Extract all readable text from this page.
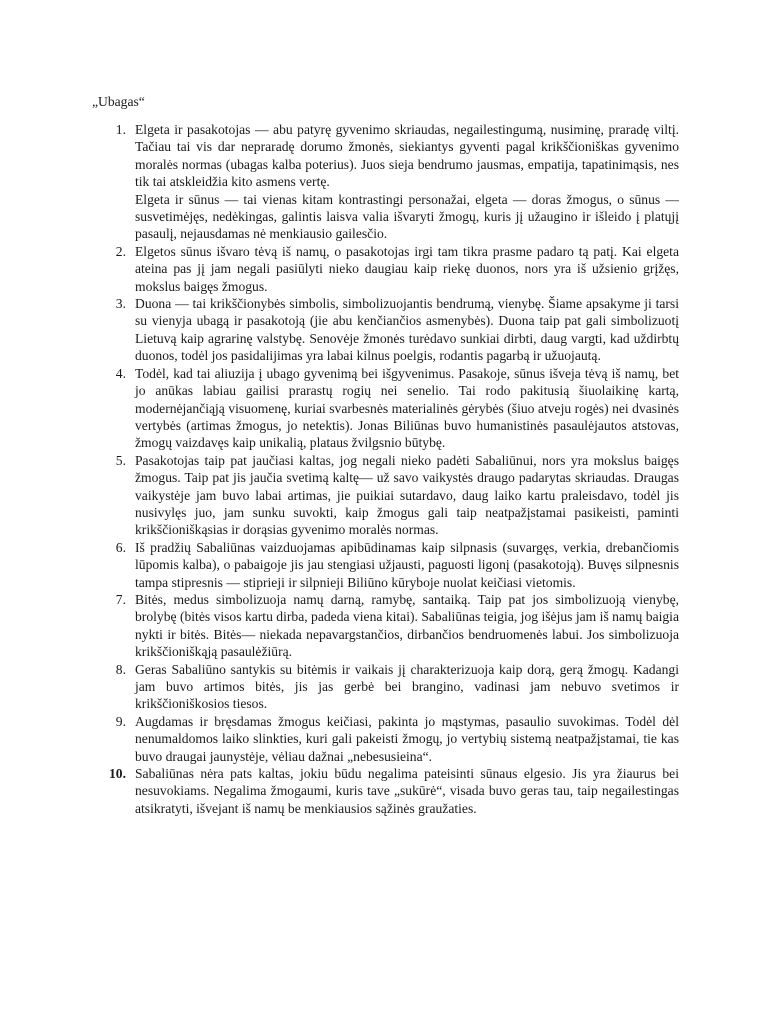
„Ubagas“
1. Elgeta ir pasakotojas — abu patyrę gyvenimo skriaudas, negailestingumą, nusiminę, praradę viltį. Tačiau tai vis dar nepraradę dorumo žmonės, siekiantys gyventi pagal krikščioniškas gyvenimo moralės normas (ubagas kalba poterius). Juos sieja bendrumo jausmas, empatija, tapatinimąsis, nes tik tai atskleidžia kito asmens vertę.

Elgeta ir sūnus — tai vienas kitam kontrastingi personažai, elgeta — doras žmogus, o sūnus — susvetimėjęs, nedėkingas, galintis laisva valia išvaryti žmogų, kuris jį užaugino ir išleido į platųjį pasaulį, nejausdamas nė menkiausio gailesčio.

2. Elgetos sūnus išvaro tėvą iš namų, o pasakotojas irgi tam tikra prasme padaro tą patį. Kai elgeta ateina pas jį jam negali pasiūlyti nieko daugiau kaip riekę duonos, nors yra iš užsienio grįžęs, mokslus baigęs žmogus.

3. Duona — tai krikščionybės simbolis, simbolizuojantis bendrumą, vienybę. Šiame apsakyme ji tarsi su vienyja ubagą ir pasakotoją (jie abu kenčiančios asmenybės). Duona taip pat gali simbolizuotį Lietuvą kaip agrarinę valstybę. Senovėje žmonės turėdavo sunkiai dirbti, daug vargti, kad uždirbtų duonos, todėl jos pasidalijimas yra labai kilnus poelgis, rodantis pagarbą ir užuojautą.

4. Todėl, kad tai aliuzija į ubago gyvenimą bei išgyvenimus. Pasakoje, sūnus išveja tėvą iš namų, bet jo anūkas labiau gailisi prarastų rogių nei senelio. Tai rodo pakitusią šiuolaikinę kartą, modernėjančiąją visuomenę, kuriai svarbesnės materialinės gėrybės (šiuo atveju rogės) nei dvasinės vertybės (artimas žmogus, jo netektis). Jonas Biliūnas buvo humanistinės pasaulėjautos atstovas, žmogų vaizdavęs kaip unikalią, plataus žvilgsnio būtybę.

5. Pasakotojas taip pat jaučiasi kaltas, jog negali nieko padėti Sabaliūnui, nors yra mokslus baigęs žmogus. Taip pat jis jaučia svetimą kaltę— už savo vaikystės draugo padarytas skriaudas. Draugas vaikystėje jam buvo labai artimas, jie puikiai sutardavo, daug laiko kartu praleisdavo, todėl jis nusivylęs juo, jam sunku suvokti, kaip žmogus gali taip neatpažįstamai pasikeisti, paminti krikščioniškąsias ir dorąsias gyvenimo moralės normas.

6. Iš pradžių Sabaliūnas vaizduojamas apibūdinamas kaip silpnasis (suvargęs, verkia, drebančiomis lūpomis kalba), o pabaigoje jis jau stengiasi užjausti, paguosti ligonį (pasakotoją). Buvęs silpnesnis tampa stipresnis — stiprieji ir silpnieji Biliūno kūryboje nuolat keičiasi vietomis.

7. Bitės, medus simbolizuoja namų darną, ramybę, santaiką. Taip pat jos simbolizuoją vienybę, brolybę (bitės visos kartu dirba, padeda viena kitai). Sabaliūnas teigia, jog išėjus jam iš namų baigia nykti ir bitės. Bitės— niekada nepavargstančios, dirbančios bendruomenės labui. Jos simbolizuoja krikščioniškąją pasaulėžiūrą.

8. Geras Sabaliūno santykis su bitėmis ir vaikais jį charakterizuoja kaip dorą, gerą žmogų. Kadangi jam buvo artimos bitės, jis jas gerbė bei brangino, vadinasi jam nebuvo svetimos ir krikščioniškosios tiesos.

9. Augdamas ir bręsdamas žmogus keičiasi, pakinta jo mąstymas, pasaulio suvokimas. Todėl dėl nenumaldomos laiko slinkties, kuri gali pakeisti žmogų, jo vertybių sistemą neatpažįstamai, tie kas buvo draugai jaunystėje, vėliau dažnai „nebesusieina“.

10. Sabaliūnas nėra pats kaltas, jokiu būdu negalima pateisinti sūnaus elgesio. Jis yra žiaurus bei nesuvokiams. Negalima žmogaumi, kuris tave „sukūrė“, visada buvo geras tau, taip negailestingas atsikratyti, išvejant iš namų be menkiausios sąžinės graužaties.
